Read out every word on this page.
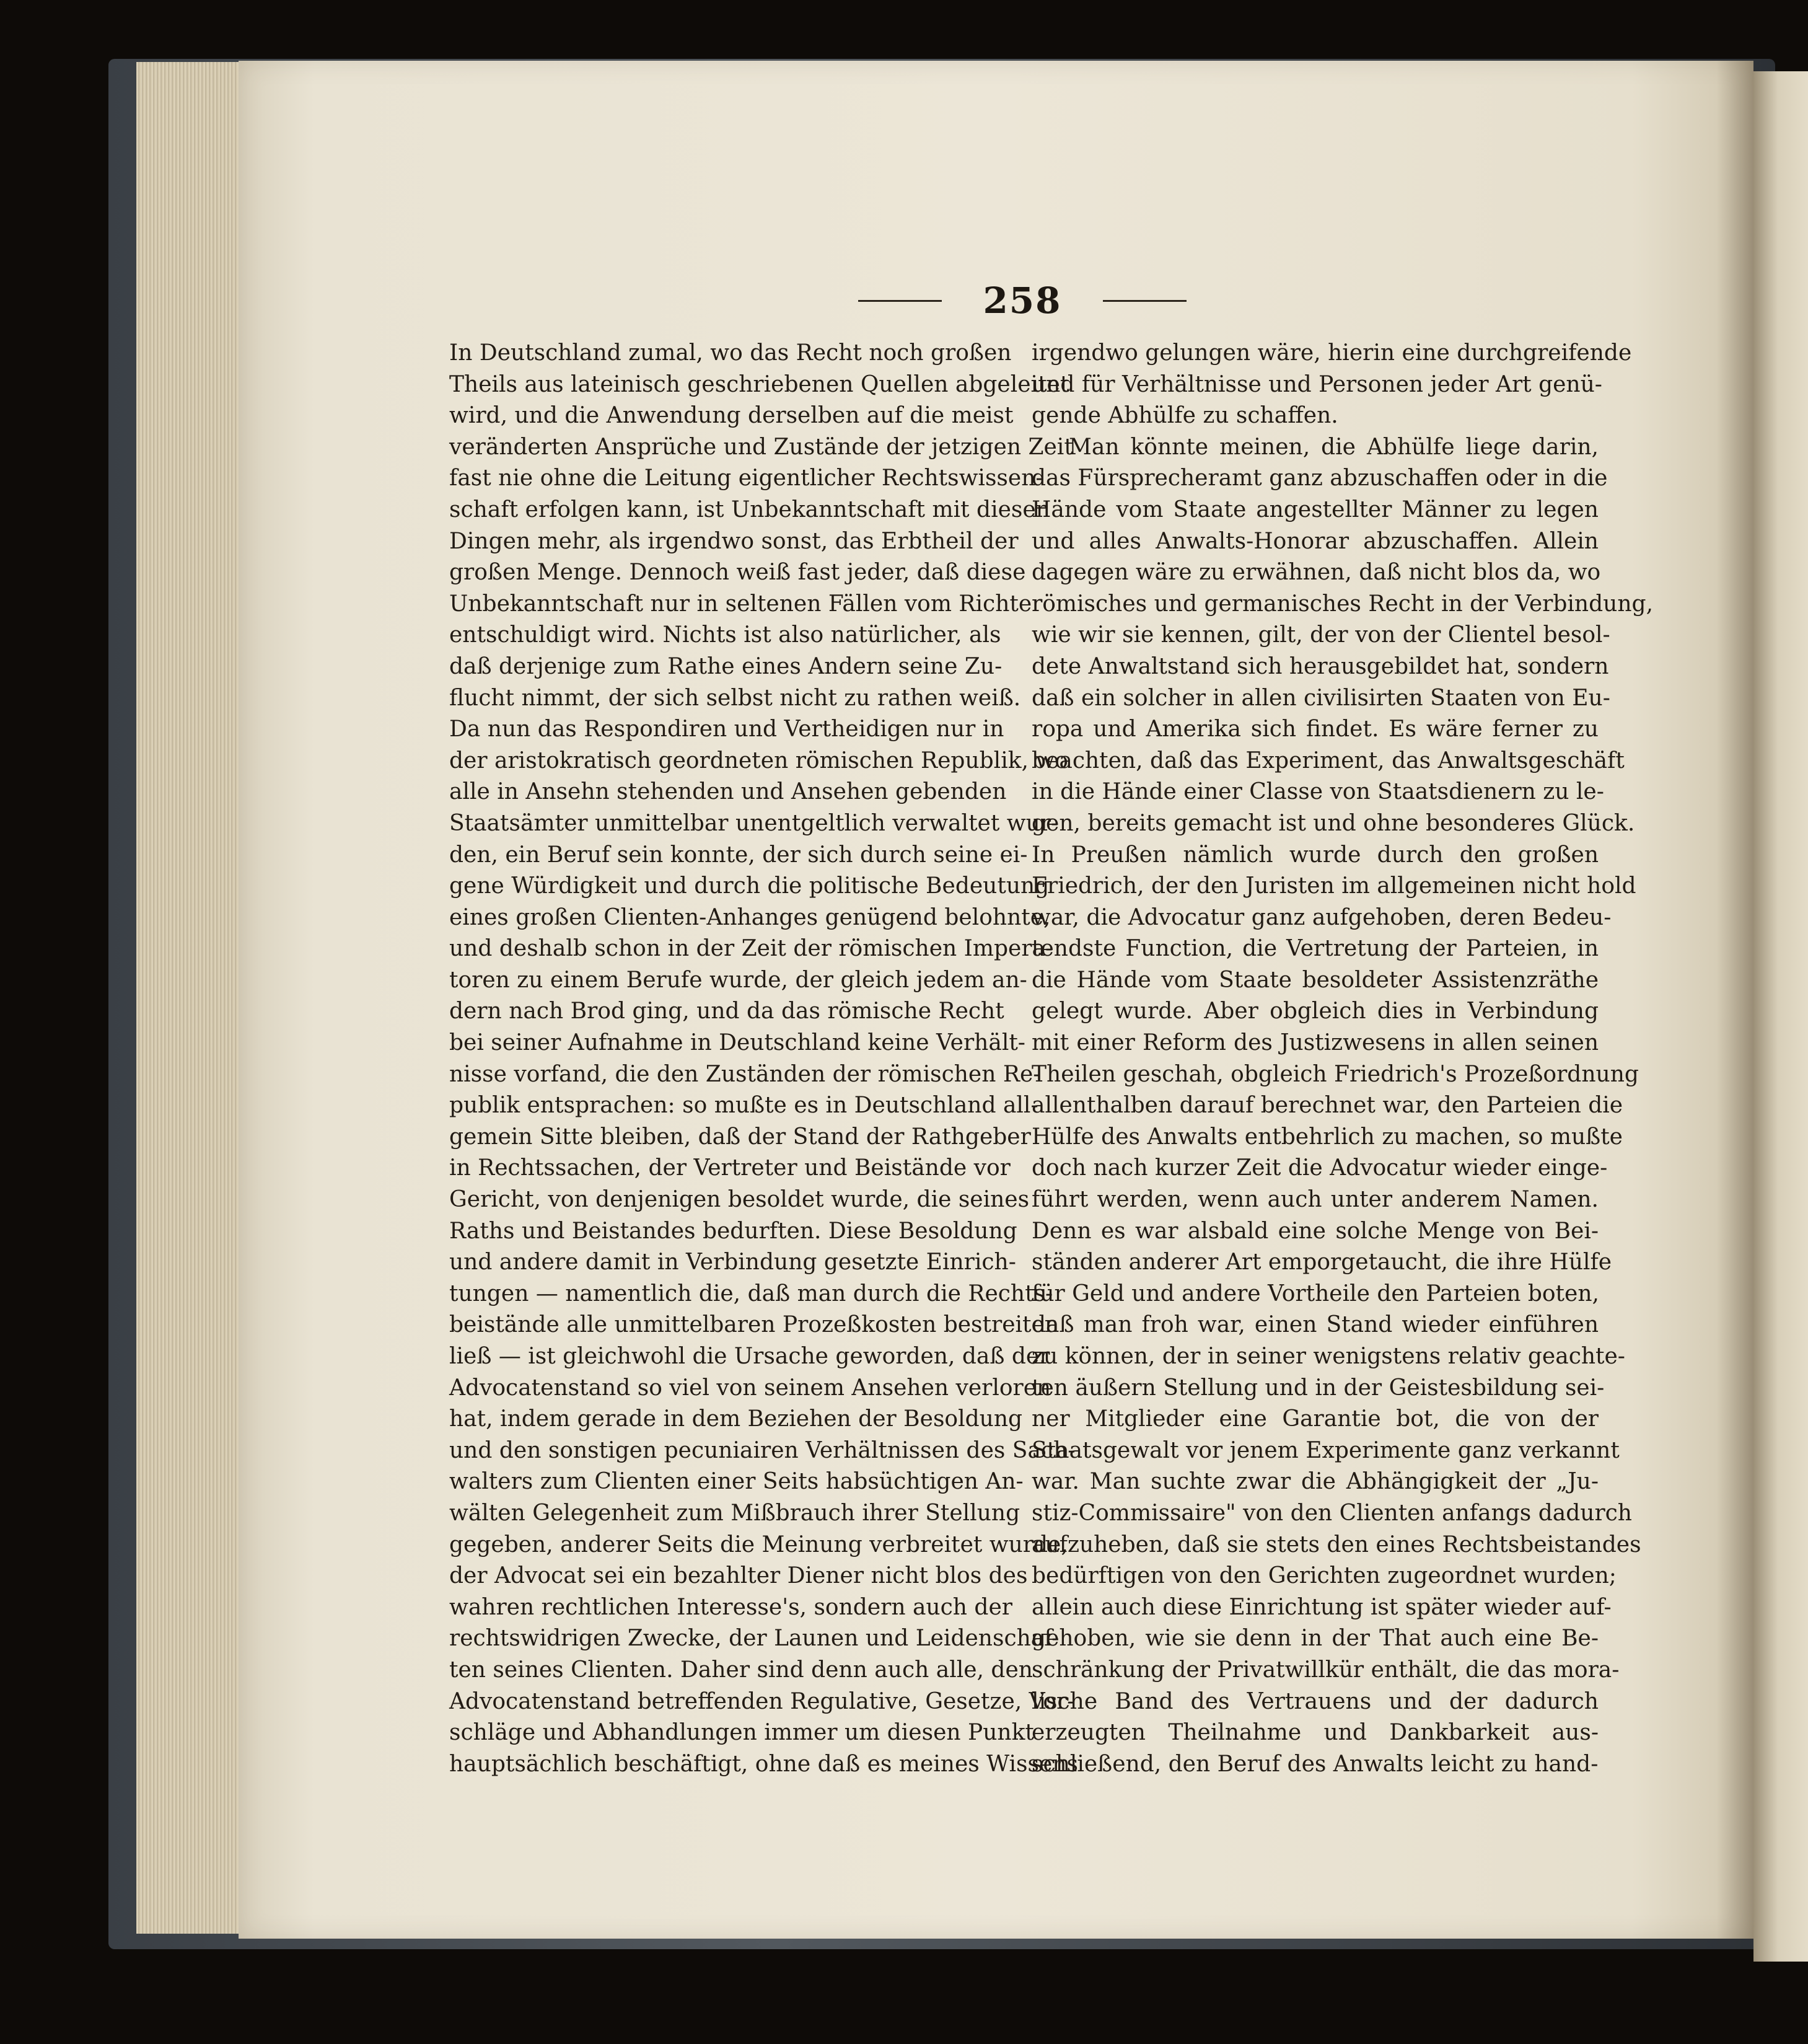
258
In Deutschland zumal, wo das Recht noch großen
Theils aus lateinisch geschriebenen Quellen abgeleitet
wird, und die Anwendung derselben auf die meist
veränderten Ansprüche und Zustände der jetzigen Zeit
fast nie ohne die Leitung eigentlicher Rechtswissen-
schaft erfolgen kann, ist Unbekanntschaft mit diesen
Dingen mehr, als irgendwo sonst, das Erbtheil der
großen Menge. Dennoch weiß fast jeder, daß diese
Unbekanntschaft nur in seltenen Fällen vom Richter
entschuldigt wird. Nichts ist also natürlicher, als
daß derjenige zum Rathe eines Andern seine Zu-
flucht nimmt, der sich selbst nicht zu rathen weiß.
Da nun das Respondiren und Vertheidigen nur in
der aristokratisch geordneten römischen Republik, wo
alle in Ansehn stehenden und Ansehen gebenden
Staatsämter unmittelbar unentgeltlich verwaltet wur-
den, ein Beruf sein konnte, der sich durch seine ei-
gene Würdigkeit und durch die politische Bedeutung
eines großen Clienten-Anhanges genügend belohnte,
und deshalb schon in der Zeit der römischen Impera-
toren zu einem Berufe wurde, der gleich jedem an-
dern nach Brod ging, und da das römische Recht
bei seiner Aufnahme in Deutschland keine Verhält-
nisse vorfand, die den Zuständen der römischen Re-
publik entsprachen: so mußte es in Deutschland all-
gemein Sitte bleiben, daß der Stand der Rathgeber
in Rechtssachen, der Vertreter und Beistände vor
Gericht, von denjenigen besoldet wurde, die seines
Raths und Beistandes bedurften. Diese Besoldung
und andere damit in Verbindung gesetzte Einrich-
tungen — namentlich die, daß man durch die Rechts-
beistände alle unmittelbaren Prozeßkosten bestreiten
ließ — ist gleichwohl die Ursache geworden, daß der
Advocatenstand so viel von seinem Ansehen verloren
hat, indem gerade in dem Beziehen der Besoldung
und den sonstigen pecuniairen Verhältnissen des Sach-
walters zum Clienten einer Seits habsüchtigen An-
wälten Gelegenheit zum Mißbrauch ihrer Stellung
gegeben, anderer Seits die Meinung verbreitet wurde,
der Advocat sei ein bezahlter Diener nicht blos des
wahren rechtlichen Interesse's, sondern auch der
rechtswidrigen Zwecke, der Launen und Leidenschaf-
ten seines Clienten. Daher sind denn auch alle, den
Advocatenstand betreffenden Regulative, Gesetze, Vor-
schläge und Abhandlungen immer um diesen Punkt
hauptsächlich beschäftigt, ohne daß es meines Wissens
irgendwo gelungen wäre, hierin eine durchgreifende
und für Verhältnisse und Personen jeder Art genü-
gende Abhülfe zu schaffen.
Man könnte meinen, die Abhülfe liege darin,
das Fürsprecheramt ganz abzuschaffen oder in die
Hände vom Staate angestellter Männer zu legen
und alles Anwalts-Honorar abzuschaffen. Allein
dagegen wäre zu erwähnen, daß nicht blos da, wo
römisches und germanisches Recht in der Verbindung,
wie wir sie kennen, gilt, der von der Clientel besol-
dete Anwaltstand sich herausgebildet hat, sondern
daß ein solcher in allen civilisirten Staaten von Eu-
ropa und Amerika sich findet. Es wäre ferner zu
beachten, daß das Experiment, das Anwaltsgeschäft
in die Hände einer Classe von Staatsdienern zu le-
gen, bereits gemacht ist und ohne besonderes Glück.
In Preußen nämlich wurde durch den großen
Friedrich, der den Juristen im allgemeinen nicht hold
war, die Advocatur ganz aufgehoben, deren Bedeu-
tendste Function, die Vertretung der Parteien, in
die Hände vom Staate besoldeter Assistenzräthe
gelegt wurde. Aber obgleich dies in Verbindung
mit einer Reform des Justizwesens in allen seinen
Theilen geschah, obgleich Friedrich's Prozeßordnung
allenthalben darauf berechnet war, den Parteien die
Hülfe des Anwalts entbehrlich zu machen, so mußte
doch nach kurzer Zeit die Advocatur wieder einge-
führt werden, wenn auch unter anderem Namen.
Denn es war alsbald eine solche Menge von Bei-
ständen anderer Art emporgetaucht, die ihre Hülfe
für Geld und andere Vortheile den Parteien boten,
daß man froh war, einen Stand wieder einführen
zu können, der in seiner wenigstens relativ geachte-
ten äußern Stellung und in der Geistesbildung sei-
ner Mitglieder eine Garantie bot, die von der
Staatsgewalt vor jenem Experimente ganz verkannt
war. Man suchte zwar die Abhängigkeit der „Ju-
stiz-Commissaire" von den Clienten anfangs dadurch
aufzuheben, daß sie stets den eines Rechtsbeistandes
bedürftigen von den Gerichten zugeordnet wurden;
allein auch diese Einrichtung ist später wieder auf-
gehoben, wie sie denn in der That auch eine Be-
schränkung der Privatwillkür enthält, die das mora-
lische Band des Vertrauens und der dadurch
erzeugten Theilnahme und Dankbarkeit aus-
schließend, den Beruf des Anwalts leicht zu hand-
